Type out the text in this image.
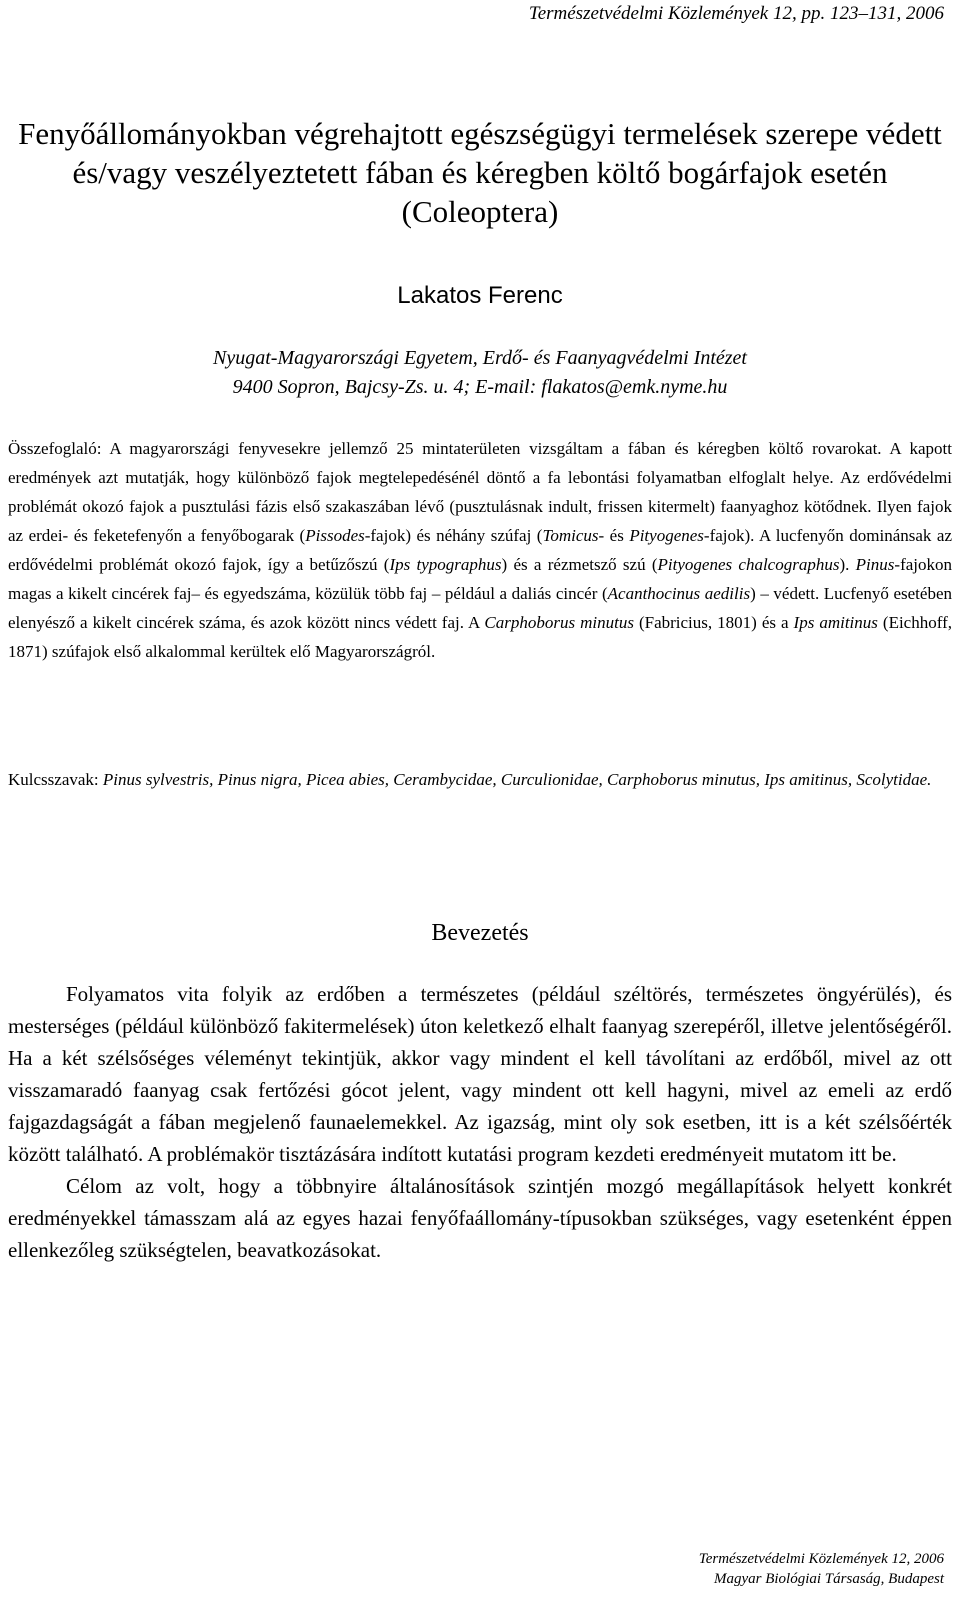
Természetvédelmi Közlemények 12, pp. 123–131, 2006
Fenyőállományokban végrehajtott egészségügyi termelések szerepe védett és/vagy veszélyeztetett fában és kéregben költő bogárfajok esetén (Coleoptera)
Lakatos Ferenc
Nyugat-Magyarországi Egyetem, Erdő- és Faanyagvédelmi Intézet
9400 Sopron, Bajcsy-Zs. u. 4; E-mail: flakatos@emk.nyme.hu

Összefoglaló: A magyarországi fenyvesekre jellemző 25 mintaterületen vizsgáltam a fában és kéregben költő rovarokat. A kapott eredmények azt mutatják, hogy különböző fajok megtelepedésénél döntő a fa lebontási folyamatban elfoglalt helye. Az erdővédelmi problémát okozó fajok a pusztulási fázis első szakaszában lévő (pusztulásnak indult, frissen kitermelt) faanyaghoz kötődnek. Ilyen fajok az erdei- és feketefenyőn a fenyőbogarak (Pissodes-fajok) és néhány szúfaj (Tomicus- és Pityogenes-fajok). A lucfenyőn dominánsak az erdővédelmi problémát okozó fajok, így a betűzőszú (Ips typographus) és a rézmetsző szú (Pityogenes chalcographus). Pinus-fajokon magas a kikelt cincérek faj– és egyedszáma, közülük több faj – például a daliás cincér (Acanthocinus aedilis) – védett. Lucfenyő esetében elenyésző a kikelt cincérek száma, és azok között nincs védett faj. A Carphoborus minutus (Fabricius, 1801) és a Ips amitinus (Eichhoff, 1871) szúfajok első alkalommal kerültek elő Magyarországról.

Kulcsszavak: Pinus sylvestris, Pinus nigra, Picea abies, Cerambycidae, Curculionidae, Carphoborus minutus, Ips amitinus, Scolytidae.

Bevezetés

Folyamatos vita folyik az erdőben a természetes (például széltörés, természetes öngyérülés), és mesterséges (például különböző fakitermelések) úton keletkező elhalt faanyag szerepéről, illetve jelentőségéről. Ha a két szélsőséges véleményt tekintjük, akkor vagy mindent el kell távolítani az erdőből, mivel az ott visszamaradó faanyag csak fertőzési gócot jelent, vagy mindent ott kell hagyni, mivel az emeli az erdő fajgazdagságát a fában megjelenő faunaelemekkel. Az igazság, mint oly sok esetben, itt is a két szélsőérték között található. A problémakör tisztázására indított kutatási program kezdeti eredményeit mutatom itt be.

Célom az volt, hogy a többnyire általánosítások szintjén mozgó megállapítások helyett konkrét eredményekkel támasszam alá az egyes hazai fenyőfaállomány-típusokban szükséges, vagy esetenként éppen ellenkezőleg szükségtelen, beavatkozásokat.

Természetvédelmi Közlemények 12, 2006
Magyar Biológiai Társaság, Budapest
